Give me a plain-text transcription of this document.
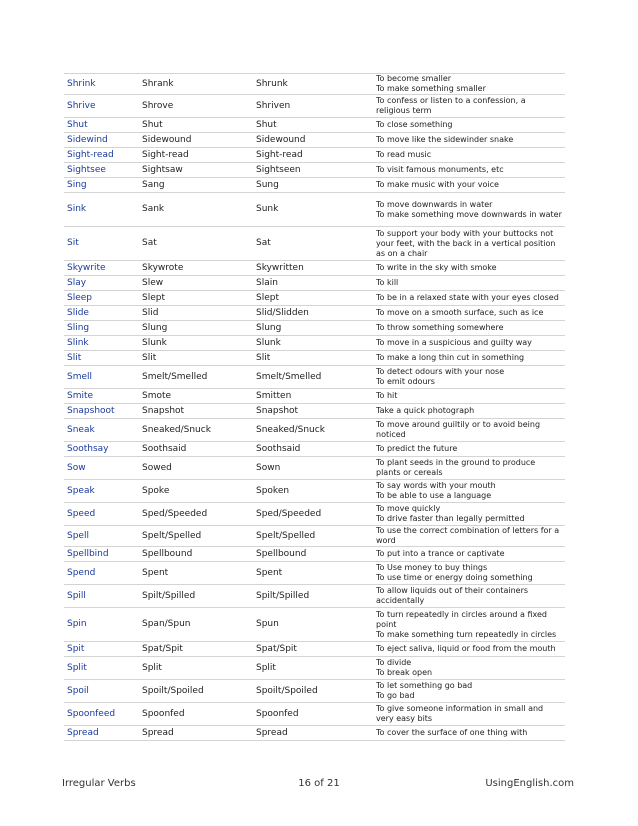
Shrink	Shrank	Shrunk	To become smaller
To make something smaller
Shrive	Shrove	Shriven	To confess or listen to a confession, a religious term
Shut	Shut	Shut	To close something
Sidewind	Sidewound	Sidewound	To move like the sidewinder snake
Sight-read	Sight-read	Sight-read	To read music
Sightsee	Sightsaw	Sightseen	To visit famous monuments, etc
Sing	Sang	Sung	To make music with your voice
Sink	Sank	Sunk	To move downwards in water
To make something move downwards in water
Sit	Sat	Sat	To support your body with your buttocks not your feet, with the back in a vertical position as on a chair
Skywrite	Skywrote	Skywritten	To write in the sky with smoke
Slay	Slew	Slain	To kill
Sleep	Slept	Slept	To be in a relaxed state with your eyes closed
Slide	Slid	Slid/Slidden	To move on a smooth surface, such as ice
Sling	Slung	Slung	To throw something somewhere
Slink	Slunk	Slunk	To move in a suspicious and guilty way
Slit	Slit	Slit	To make a long thin cut in something
Smell	Smelt/Smelled	Smelt/Smelled	To detect odours with your nose
To emit odours
Smite	Smote	Smitten	To hit
Snapshoot	Snapshot	Snapshot	Take a quick photograph
Sneak	Sneaked/Snuck	Sneaked/Snuck	To move around guiltily or to avoid being noticed
Soothsay	Soothsaid	Soothsaid	To predict the future
Sow	Sowed	Sown	To plant seeds in the ground to produce plants or cereals
Speak	Spoke	Spoken	To say words with your mouth
To be able to use a language
Speed	Sped/Speeded	Sped/Speeded	To move quickly
To drive faster than legally permitted
Spell	Spelt/Spelled	Spelt/Spelled	To use the correct combination of letters for a word
Spellbind	Spellbound	Spellbound	To put into a trance or captivate
Spend	Spent	Spent	To Use money to buy things
To use time or energy doing something
Spill	Spilt/Spilled	Spilt/Spilled	To allow liquids out of their containers accidentally
Spin	Span/Spun	Spun	To turn repeatedly in circles around a fixed point
To make something turn repeatedly in circles
Spit	Spat/Spit	Spat/Spit	To eject saliva, liquid or food from the mouth
Split	Split	Split	To divide
To break open
Spoil	Spoilt/Spoiled	Spoilt/Spoiled	To let something go bad
To go bad
Spoonfeed	Spoonfed	Spoonfed	To give someone information in small and very easy bits
Spread	Spread	Spread	To cover the surface of one thing with
Irregular Verbs	16 of 21	UsingEnglish.com
